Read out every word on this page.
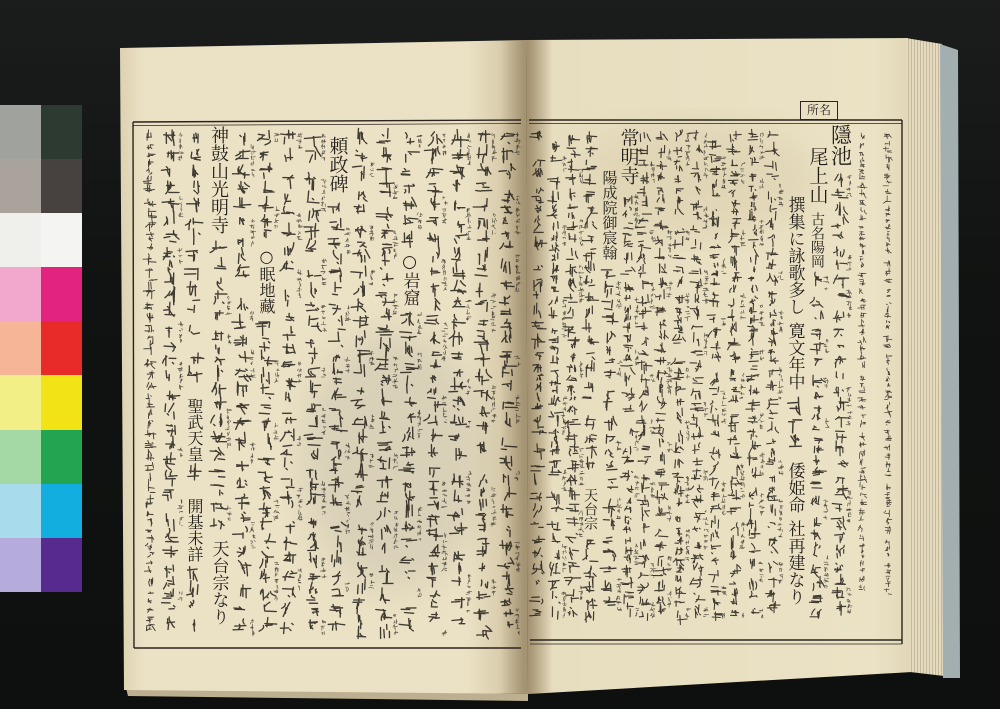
名所
隱池
尾上山
古名陽岡
撰集に詠歌多し
寛文年中
倭姫命
社再建なり
常明寺
陽成院御宸翰
天台宗
○岩窟
頼政碑
○眠地藏
神鼓山光明寺
天台宗なり
聖武天皇
開基未詳
